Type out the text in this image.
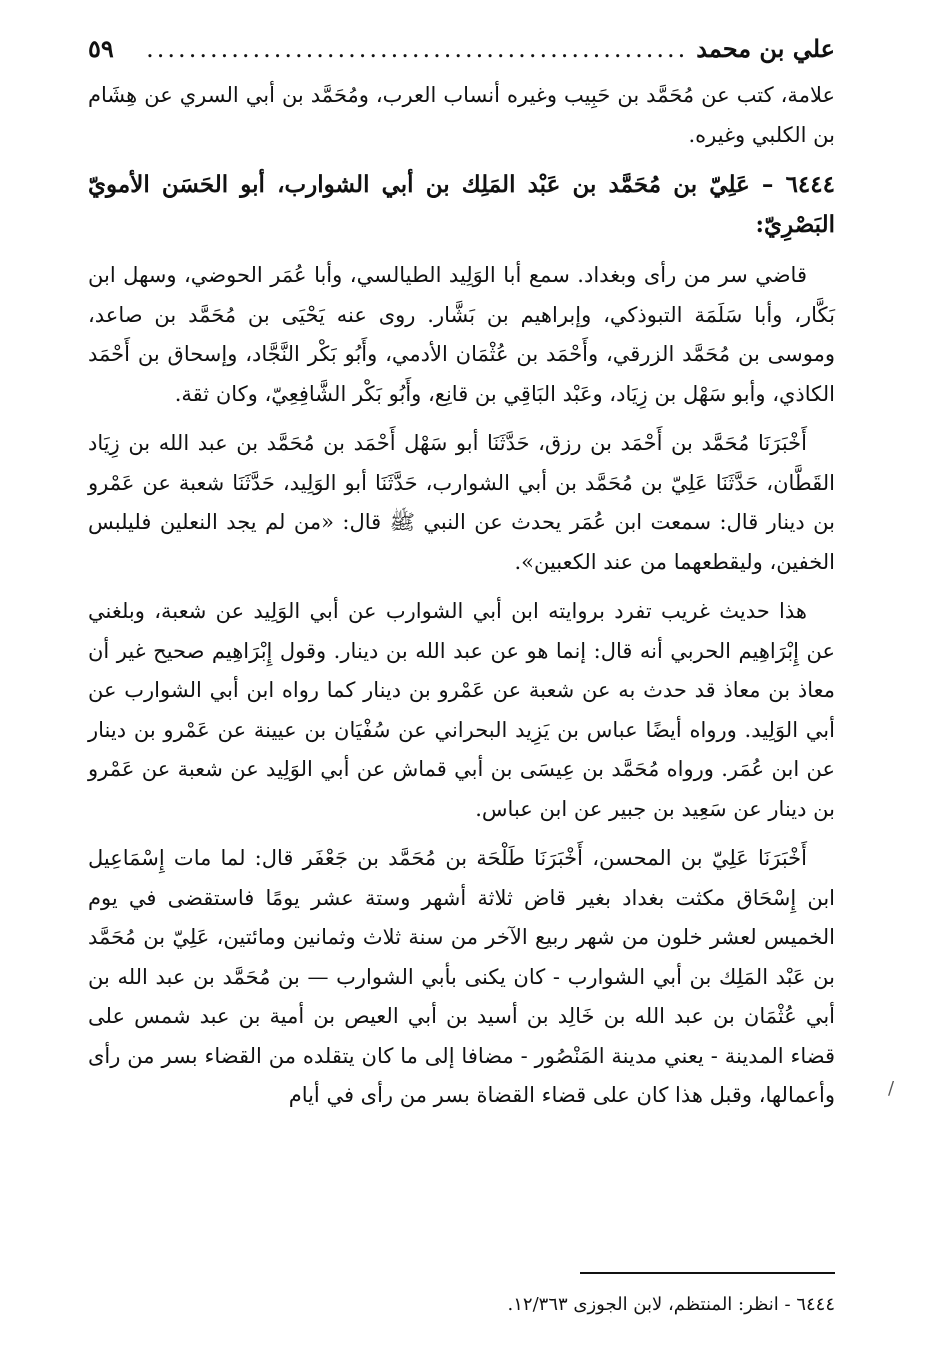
علي بن محمد
...................................................
٥٩

علامة، كتب عن مُحَمَّد بن حَبِيب وغيره أنساب العرب، ومُحَمَّد بن أبي السري عن هِشَام بن الكلبي وغيره.

٦٤٤٤ – عَلِيّ بن مُحَمَّد بن عَبْد المَلِك بن أبي الشوارب، أبو الحَسَن الأمويّ البَصْرِيّ:

قاضي سر من رأى وبغداد. سمع أبا الوَلِيد الطيالسي، وأبا عُمَر الحوضي، وسهل ابن بَكَّار، وأبا سَلَمَة التبوذكي، وإبراهيم بن بَشَّار. روى عنه يَحْيَى بن مُحَمَّد بن صاعد، وموسى بن مُحَمَّد الزرقي، وأَحْمَد بن عُثْمَان الأدمي، وأَبُو بَكْر النَّجَّاد، وإسحاق بن أَحْمَد الكاذي، وأبو سَهْل بن زِيَاد، وعَبْد البَاقِي بن قانِع، وأَبُو بَكْر الشَّافِعِيّ، وكان ثقة.

أَخْبَرَنَا مُحَمَّد بن أَحْمَد بن رزق، حَدَّثَنَا أبو سَهْل أَحْمَد بن مُحَمَّد بن عبد الله بن زِيَاد القَطَّان، حَدَّثَنَا عَلِيّ بن مُحَمَّد بن أبي الشوارب، حَدَّثَنَا أبو الوَلِيد، حَدَّثَنَا شعبة عن عَمْرو بن دينار قال: سمعت ابن عُمَر يحدث عن النبي ﷺ قال: «من لم يجد النعلين فليلبس الخفين، وليقطعهما من عند الكعبين».

هذا حديث غريب تفرد بروايته ابن أبي الشوارب عن أبي الوَلِيد عن شعبة، وبلغني عن إِبْرَاهِيم الحربي أنه قال: إنما هو عن عبد الله بن دينار. وقول إِبْرَاهِيم صحيح غير أن معاذ بن معاذ قد حدث به عن شعبة عن عَمْرو بن دينار كما رواه ابن أبي الشوارب عن أبي الوَلِيد. ورواه أيضًا عباس بن يَزِيد البحراني عن سُفْيَان بن عيينة عن عَمْرو بن دينار عن ابن عُمَر. ورواه مُحَمَّد بن عِيسَى بن أبي قماش عن أبي الوَلِيد عن شعبة عن عَمْرو بن دينار عن سَعِيد بن جبير عن ابن عباس.

أَخْبَرَنَا عَلِيّ بن المحسن، أَخْبَرَنَا طَلْحَة بن مُحَمَّد بن جَعْفَر قال: لما مات إِسْمَاعِيل ابن إِسْحَاق مكثت بغداد بغير قاض ثلاثة أشهر وستة عشر يومًا فاستقضى في يوم الخميس لعشر خلون من شهر ربيع الآخر من سنة ثلاث وثمانين ومائتين، عَلِيّ بن مُحَمَّد بن عَبْد المَلِك بن أبي الشوارب - كان يكنى بأبي الشوارب — بن مُحَمَّد بن عبد الله بن أبي عُثْمَان بن عبد الله بن خَالِد بن أسيد بن أبي العيص بن أمية بن عبد شمس على قضاء المدينة - يعني مدينة المَنْصُور - مضافا إلى ما كان يتقلده من القضاء بسر من رأى وأعمالها، وقبل هذا كان على قضاء القضاة بسر من رأى في أيام	/
٦٤٤٤ - انظر: المنتظم، لابن الجوزى ١٢/٣٦٣.
